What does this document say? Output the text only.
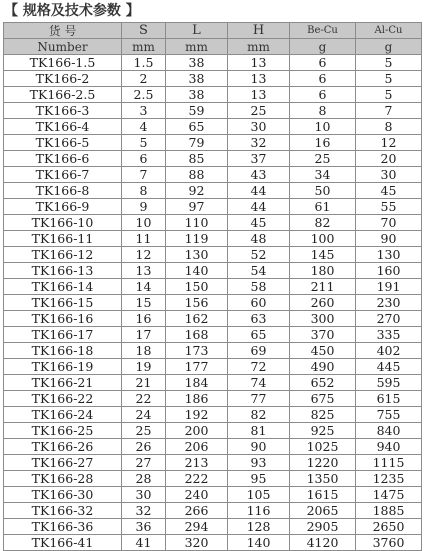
【 规格及技术参数 】
货 号	S	L	H	Be-Cu	Al-Cu
Number	mm	mm	mm	g	g
TK166-1.5	1.5	38	13	6	5
TK166-2	2	38	13	6	5
TK166-2.5	2.5	38	13	6	5
TK166-3	3	59	25	8	7
TK166-4	4	65	30	10	8
TK166-5	5	79	32	16	12
TK166-6	6	85	37	25	20
TK166-7	7	88	43	34	30
TK166-8	8	92	44	50	45
TK166-9	9	97	44	61	55
TK166-10	10	110	45	82	70
TK166-11	11	119	48	100	90
TK166-12	12	130	52	145	130
TK166-13	13	140	54	180	160
TK166-14	14	150	58	211	191
TK166-15	15	156	60	260	230
TK166-16	16	162	63	300	270
TK166-17	17	168	65	370	335
TK166-18	18	173	69	450	402
TK166-19	19	177	72	490	445
TK166-21	21	184	74	652	595
TK166-22	22	186	77	675	615
TK166-24	24	192	82	825	755
TK166-25	25	200	81	925	840
TK166-26	26	206	90	1025	940
TK166-27	27	213	93	1220	1115
TK166-28	28	222	95	1350	1235
TK166-30	30	240	105	1615	1475
TK166-32	32	266	116	2065	1885
TK166-36	36	294	128	2905	2650
TK166-41	41	320	140	4120	3760
